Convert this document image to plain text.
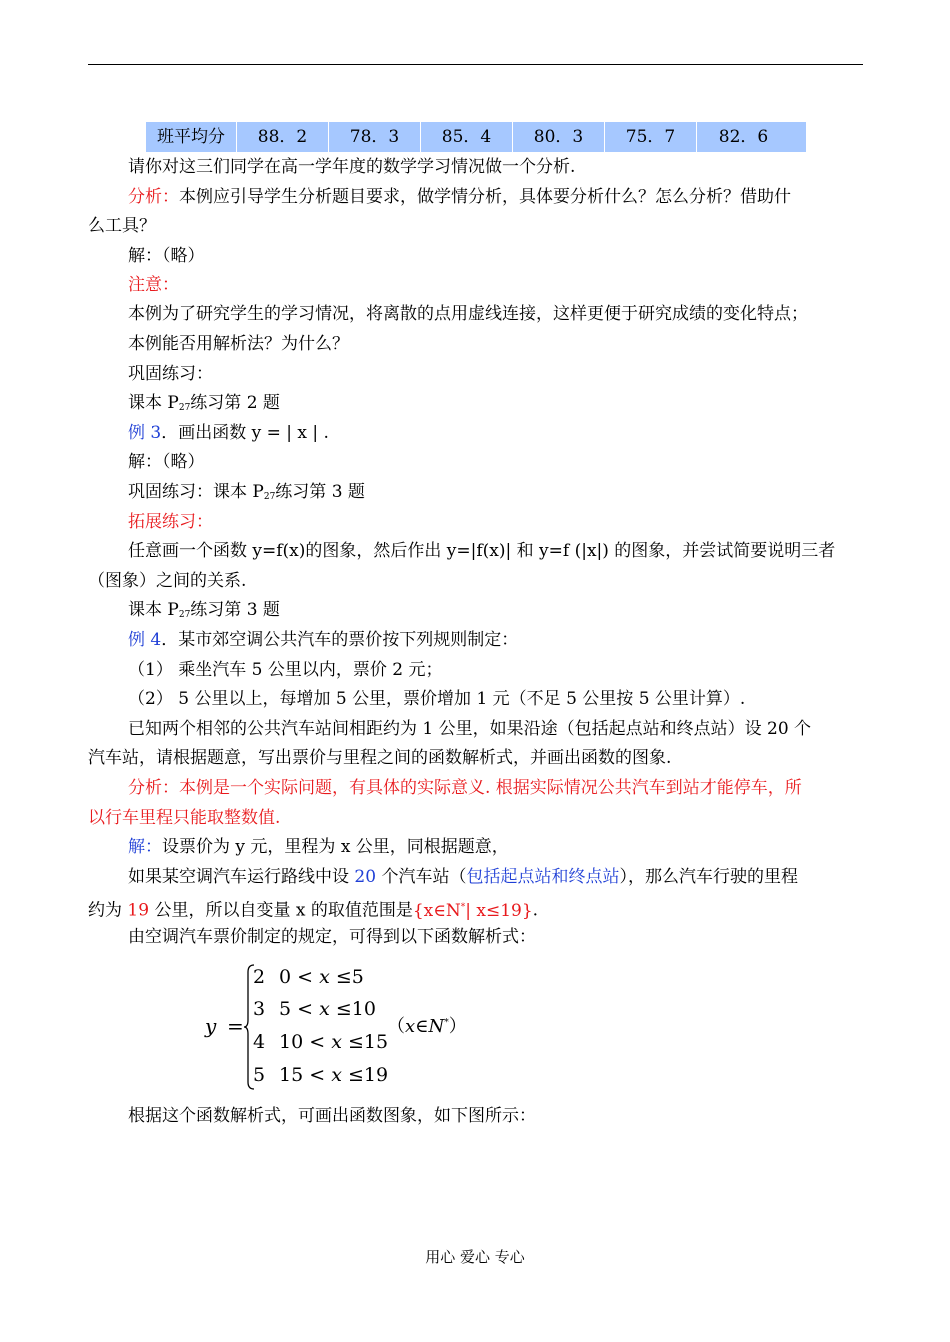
班平均分	88．2	78．3	85．4	80．3	75．7	82．6
请你对这三们同学在高一学年度的数学学习情况做一个分析.
分析：本例应引导学生分析题目要求，做学情分析，具体要分析什么？怎么分析？借助什
么工具？
解：（略）
注意：
本例为了研究学生的学习情况，将离散的点用虚线连接，这样更便于研究成绩的变化特点；
本例能否用解析法？为什么？
巩固练习：
课本 $P_{27}$练习第 2 题
例 3．画出函数 y = | x | .
解：（略）
巩固练习：课本 $P_{27}$练习第 3 题
拓展练习：
任意画一个函数 y=f(x)的图象，然后作出 y=|f(x)| 和 y=f (|x|) 的图象，并尝试简要说明三者
（图象）之间的关系.
课本 $P_{27}$练习第 3 题
例 4．某市郊空调公共汽车的票价按下列规则制定：
（1） 乘坐汽车 5 公里以内，票价 2 元；
（2） 5 公里以上，每增加 5 公里，票价增加 1 元（不足 5 公里按 5 公里计算）.
已知两个相邻的公共汽车站间相距约为 1 公里，如果沿途（包括起点站和终点站）设 20 个
汽车站，请根据题意，写出票价与里程之间的函数解析式，并画出函数的图象.
分析：本例是一个实际问题，有具体的实际意义. 根据实际情况公共汽车到站才能停车，所
以行车里程只能取整数值.
解：设票价为 y 元，里程为 x 公里，同根据题意，
如果某空调汽车运行路线中设 20 个汽车站（包括起点站和终点站），那么汽车行驶的里程
约为 19 公里，所以自变量 x 的取值范围是{x∈N*| x≤19}.
由空调汽车票价制定的规定，可得到以下函数解析式：
y =
2 0 < x ≤5
3 5 < x ≤10
4 10 < x ≤15
5 15 < x ≤19
（x∈N*）
根据这个函数解析式，可画出函数图象，如下图所示：
用心 爱心 专心
